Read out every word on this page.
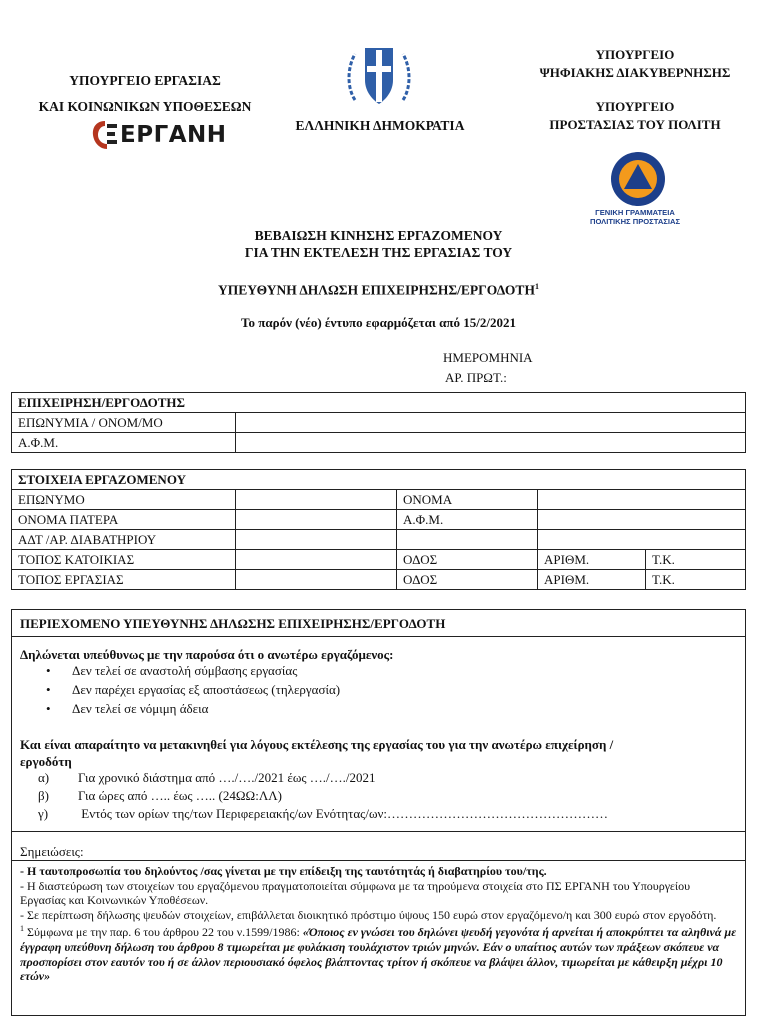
ΥΠΟΥΡΓΕΙΟ ΕΡΓΑΣΙΑΣ
ΚΑΙ ΚΟΙΝΩΝΙΚΩΝ ΥΠΟΘΕΣΕΩΝ
ΕΡΓΑΝΗ	ΕΛΛΗΝΙΚΗ ΔΗΜΟΚΡΑΤΙΑ
ΥΠΟΥΡΓΕΙΟ
ΨΗΦΙΑΚΗΣ ΔΙΑΚΥΒΕΡΝΗΣΗΣ
ΥΠΟΥΡΓΕΙΟ
ΠΡΟΣΤΑΣΙΑΣ ΤΟΥ ΠΟΛΙΤΗ
ΓΕΝΙΚΗ ΓΡΑΜΜΑΤΕΙΑ
ΠΟΛΙΤΙΚΗΣ ΠΡΟΣΤΑΣΙΑΣ
ΒΕΒΑΙΩΣΗ ΚΙΝΗΣΗΣ ΕΡΓΑΖΟΜΕΝΟΥ
ΓΙΑ ΤΗΝ ΕΚΤΕΛΕΣΗ ΤΗΣ ΕΡΓΑΣΙΑΣ ΤΟΥ
ΥΠΕΥΘΥΝΗ ΔΗΛΩΣΗ ΕΠΙΧΕΙΡΗΣΗΣ/ΕΡΓΟΔΟΤΗ$^1$
Το παρόν (νέο) έντυπο εφαρμόζεται από 15/2/2021
ΗΜΕΡΟΜΗΝΙΑ
ΑΡ. ΠΡΩΤ.:
ΕΠΙΧΕΙΡΗΣΗ/ΕΡΓΟΔΟΤΗΣ	
ΕΠΩΝΥΜΙΑ / ΟΝΟΜ/ΜΟ	
Α.Φ.Μ.	
ΣΤΟΙΧΕΙΑ ΕΡΓΑΖΟΜΕΝΟΥ				
ΕΠΩΝΥΜΟ		ΟΝΟΜΑ		
ΟΝΟΜΑ ΠΑΤΕΡΑ		Α.Φ.Μ.		
ΑΔΤ /ΑΡ. ΔΙΑΒΑΤΗΡΙΟΥ				
ΤΟΠΟΣ ΚΑΤΟΙΚΙΑΣ		ΟΔΟΣ	ΑΡΙΘΜ.	Τ.Κ.
ΤΟΠΟΣ ΕΡΓΑΣΙΑΣ		ΟΔΟΣ	ΑΡΙΘΜ.	Τ.Κ.
ΠΕΡΙΕΧΟΜΕΝΟ ΥΠΕΥΘΥΝΗΣ ΔΗΛΩΣΗΣ ΕΠΙΧΕΙΡΗΣΗΣ/ΕΡΓΟΔΟΤΗ
Δηλώνεται υπεύθυνως με την παρούσα ότι ο ανωτέρω εργαζόμενος:
• Δεν τελεί σε αναστολή σύμβασης εργασίας
• Δεν παρέχει εργασίας εξ αποστάσεως (τηλεργασία)
• Δεν τελεί σε νόμιμη άδεια
Και είναι απαραίτητο να μετακινηθεί για λόγους εκτέλεσης της εργασίας του για την ανωτέρω επιχείρηση /
εργοδότη
α) Για χρονικό διάστημα από …./…./2021 έως …./…./2021
β) Για ώρες από ….. έως ….. (24ΩΩ:ΛΛ)
γ) Εντός των ορίων της/των Περιφερειακής/ων Ενότητας/ων:……………………………………………
Σημειώσεις:
- Η ταυτοπροσωπία του δηλούντος /σας γίνεται με την επίδειξη της ταυτότητάς ή διαβατηρίου του/της.
- Η διαστεύρωση των στοιχείων του εργαζόμενου πραγματοποιείται σύμφωνα με τα τηρούμενα στοιχεία στο ΠΣ ΕΡΓΑΝΗ του Υπουργείου Εργασίας και Κοινωνικών Υποθέσεων.
- Σε περίπτωση δήλωσης ψευδών στοιχείων, επιβάλλεται διοικητικό πρόστιμο ύψους 150 ευρώ στον εργαζόμενο/η και 300 ευρώ στον εργοδότη.
$^1$ Σύμφωνα με την παρ. 6 του άρθρου 22 του ν.1599/1986: «Όποιος εν γνώσει του δηλώνει ψευδή γεγονότα ή αρνείται ή αποκρύπτει τα αληθινά με έγγραφη υπεύθυνη δήλωση του άρθρου 8 τιμωρείται με φυλάκιση τουλάχιστον τριών μηνών. Εάν ο υπαίτιος αυτών των πράξεων σκόπευε να προσπορίσει στον εαυτόν του ή σε άλλον περιουσιακό όφελος βλάπτοντας τρίτον ή σκόπευε να βλάψει άλλον, τιμωρείται με κάθειρξη μέχρι 10 ετών»
